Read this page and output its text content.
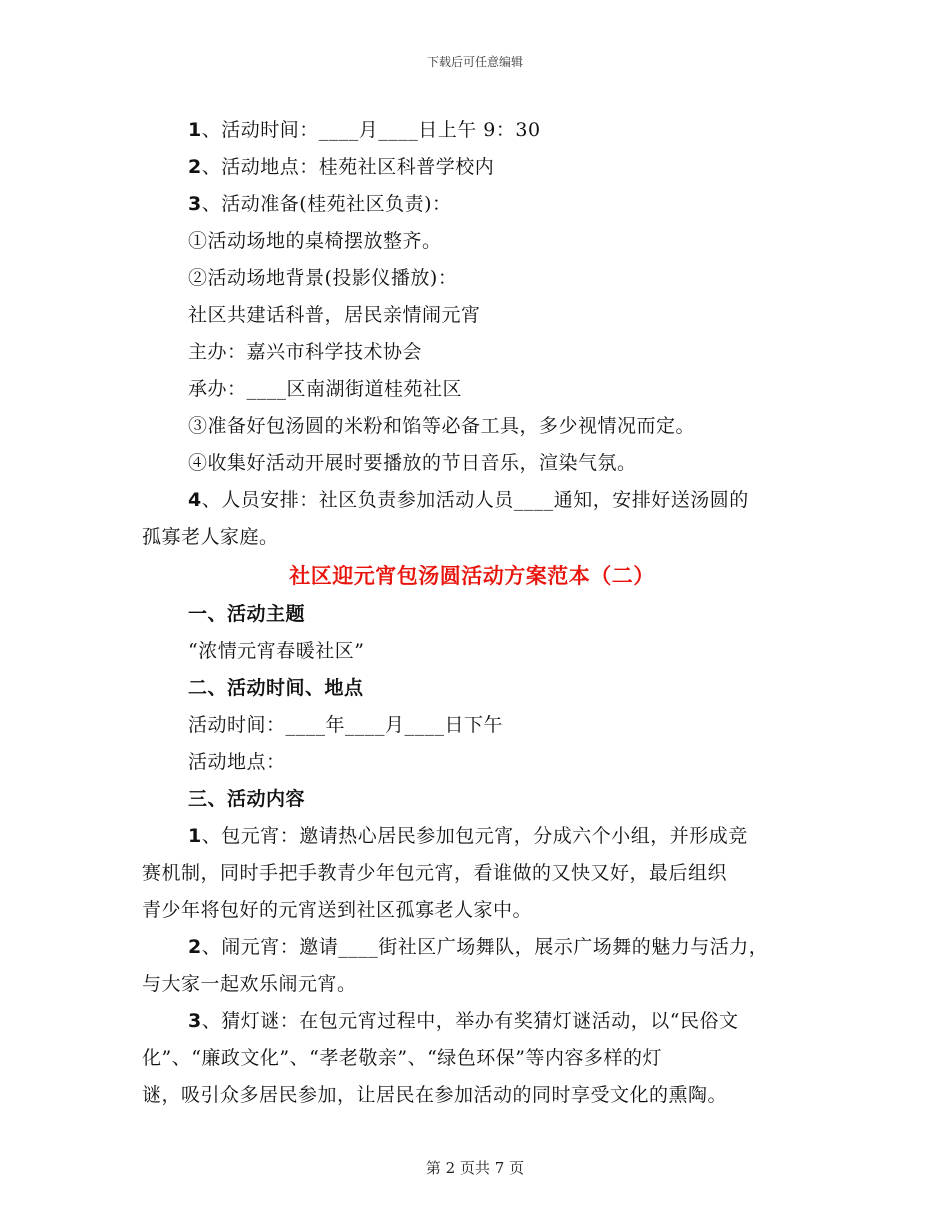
下载后可任意编辑
1、活动时间：____月____日上午 9：30
2、活动地点：桂苑社区科普学校内
3、活动准备(桂苑社区负责)：
①活动场地的桌椅摆放整齐。
②活动场地背景(投影仪播放)：
社区共建话科普，居民亲情闹元宵
主办：嘉兴市科学技术协会
承办：____区南湖街道桂苑社区
③准备好包汤圆的米粉和馅等必备工具，多少视情况而定。
④收集好活动开展时要播放的节日音乐，渲染气氛。
4、人员安排：社区负责参加活动人员____通知，安排好送汤圆的
孤寡老人家庭。
社区迎元宵包汤圆活动方案范本（二）
一、活动主题
“浓情元宵春暖社区”
二、活动时间、地点
活动时间：____年____月____日下午
活动地点：
三、活动内容
1、包元宵：邀请热心居民参加包元宵，分成六个小组，并形成竞
赛机制，同时手把手教青少年包元宵，看谁做的又快又好，最后组织
青少年将包好的元宵送到社区孤寡老人家中。
2、闹元宵：邀请____街社区广场舞队，展示广场舞的魅力与活力，
与大家一起欢乐闹元宵。
3、猜灯谜：在包元宵过程中，举办有奖猜灯谜活动，以“民俗文
化”、“廉政文化”、“孝老敬亲”、“绿色环保”等内容多样的灯
谜，吸引众多居民参加，让居民在参加活动的同时享受文化的熏陶。
第 2 页共 7 页
